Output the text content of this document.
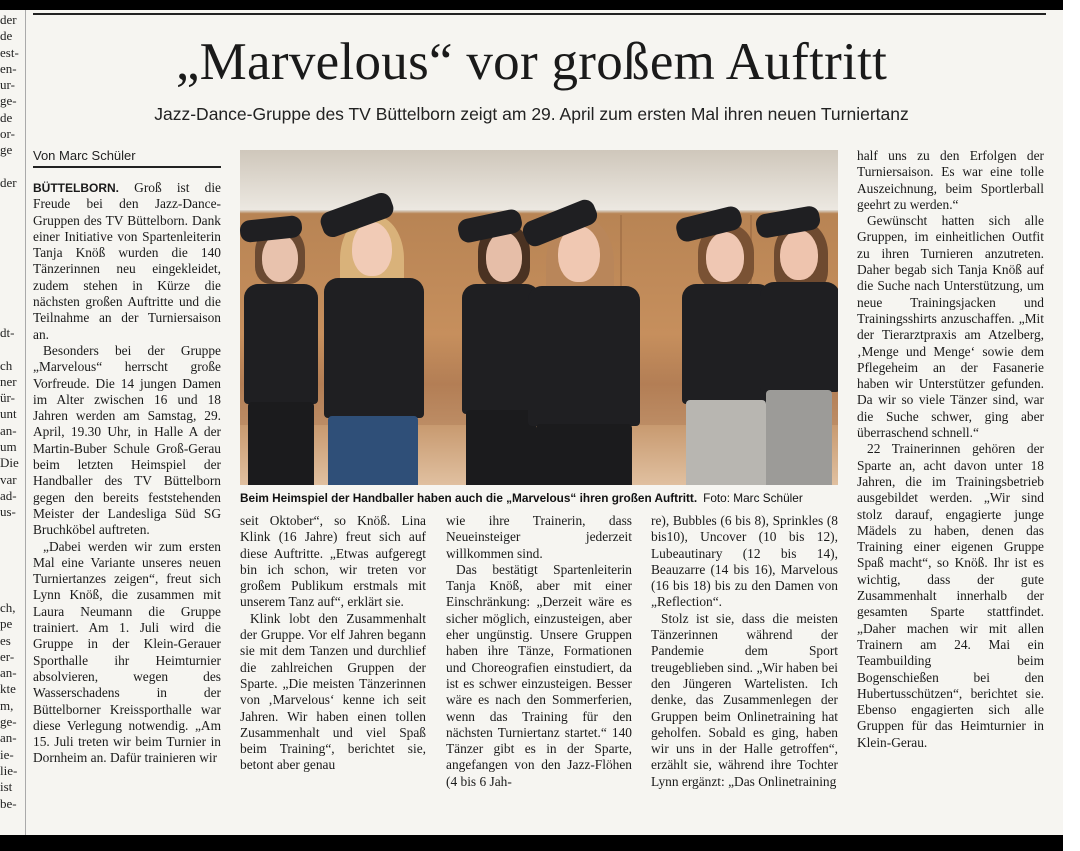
der
de
est-
en-
ur-
ge-
de
or-
ge

der
dt-

ch
ner
ür-
unt
an-
um
Die
var
ad-
us-
ch,
pe
es
er-
an-
kte
m,
ge-
an-
ie-
lie-
ist
be-
„Marvelous“ vor großem Auftritt
Jazz-Dance-Gruppe des TV Büttelborn zeigt am 29. April zum ersten Mal ihren neuen Turniertanz
Von Marc Schüler

BÜTTELBORN. Groß ist die Freude bei den Jazz-Dance-Gruppen des TV Büttelborn. Dank einer Initiative von Spartenleiterin Tanja Knöß wurden die 140 Tänzerinnen neu eingekleidet, zudem stehen in Kürze die nächsten großen Auftritte und die Teilnahme an der Turniersaison an.

Besonders bei der Gruppe „Marvelous“ herrscht große Vorfreude. Die 14 jungen Damen im Alter zwischen 16 und 18 Jahren werden am Samstag, 29. April, 19.30 Uhr, in Halle A der Martin-Buber Schule Groß-Gerau beim letzten Heimspiel der Handballer des TV Büttelborn gegen den bereits feststehenden Meister der Landesliga Süd SG Bruchköbel auftreten.

„Dabei werden wir zum ersten Mal eine Variante unseres neuen Turniertanzes zeigen“, freut sich Lynn Knöß, die zusammen mit Laura Neumann die Gruppe trainiert. Am 1. Juli wird die Gruppe in der Klein-Gerauer Sporthalle ihr Heimturnier absolvieren, wegen des Wasserschadens in der Büttelborner Kreissporthalle war diese Verlegung notwendig. „Am 15. Juli treten wir beim Turnier in Dornheim an. Dafür trainieren wir

Beim Heimspiel der Handballer haben auch die „Marvelous“ ihren großen Auftritt. Foto: Marc Schüler

seit Oktober“, so Knöß. Lina Klink (16 Jahre) freut sich auf diese Auftritte. „Etwas aufgeregt bin ich schon, wir treten vor großem Publikum erstmals mit unserem Tanz auf“, erklärt sie.

Klink lobt den Zusammenhalt der Gruppe. Vor elf Jahren begann sie mit dem Tanzen und durchlief die zahlreichen Gruppen der Sparte. „Die meisten Tänzerinnen von ‚Marvelous‘ kenne ich seit Jahren. Wir haben einen tollen Zusammenhalt und viel Spaß beim Training“, berichtet sie, betont aber genau

wie ihre Trainerin, dass Neueinsteiger jederzeit willkommen sind.

Das bestätigt Spartenleiterin Tanja Knöß, aber mit einer Einschränkung: „Derzeit wäre es sicher möglich, einzusteigen, aber eher ungünstig. Unsere Gruppen haben ihre Tänze, Formationen und Choreografien einstudiert, da ist es schwer einzusteigen. Besser wäre es nach den Sommerferien, wenn das Training für den nächsten Turniertanz startet.“ 140 Tänzer gibt es in der Sparte, angefangen von den Jazz-Flöhen (4 bis 6 Jah-

re), Bubbles (6 bis 8), Sprinkles (8 bis10), Uncover (10 bis 12), Lubeautinary (12 bis 14), Beauzarre (14 bis 16), Marvelous (16 bis 18) bis zu den Damen von „Reflection“.

Stolz ist sie, dass die meisten Tänzerinnen während der Pandemie dem Sport treugeblieben sind. „Wir haben bei den Jüngeren Wartelisten. Ich denke, das Zusammenlegen der Gruppen beim Onlinetraining hat geholfen. Sobald es ging, haben wir uns in der Halle getroffen“, erzählt sie, während ihre Tochter Lynn ergänzt: „Das Onlinetraining

half uns zu den Erfolgen der Turniersaison. Es war eine tolle Auszeichnung, beim Sportlerball geehrt zu werden.“

Gewünscht hatten sich alle Gruppen, im einheitlichen Outfit zu ihren Turnieren anzutreten. Daher begab sich Tanja Knöß auf die Suche nach Unterstützung, um neue Trainingsjacken und Trainingsshirts anzuschaffen. „Mit der Tierarztpraxis am Atzelberg, ‚Menge und Menge‘ sowie dem Pflegeheim an der Fasanerie haben wir Unterstützer gefunden. Da wir so viele Tänzer sind, war die Suche schwer, ging aber überraschend schnell.“

22 Trainerinnen gehören der Sparte an, acht davon unter 18 Jahren, die im Trainingsbetrieb ausgebildet werden. „Wir sind stolz darauf, engagierte junge Mädels zu haben, denen das Training einer eigenen Gruppe Spaß macht“, so Knöß. Ihr ist es wichtig, dass der gute Zusammenhalt innerhalb der gesamten Sparte stattfindet. „Daher machen wir mit allen Trainern am 24. Mai ein Teambuilding beim Bogenschießen bei den Hubertusschützen“, berichtet sie. Ebenso engagierten sich alle Gruppen für das Heimturnier in Klein-Gerau.
